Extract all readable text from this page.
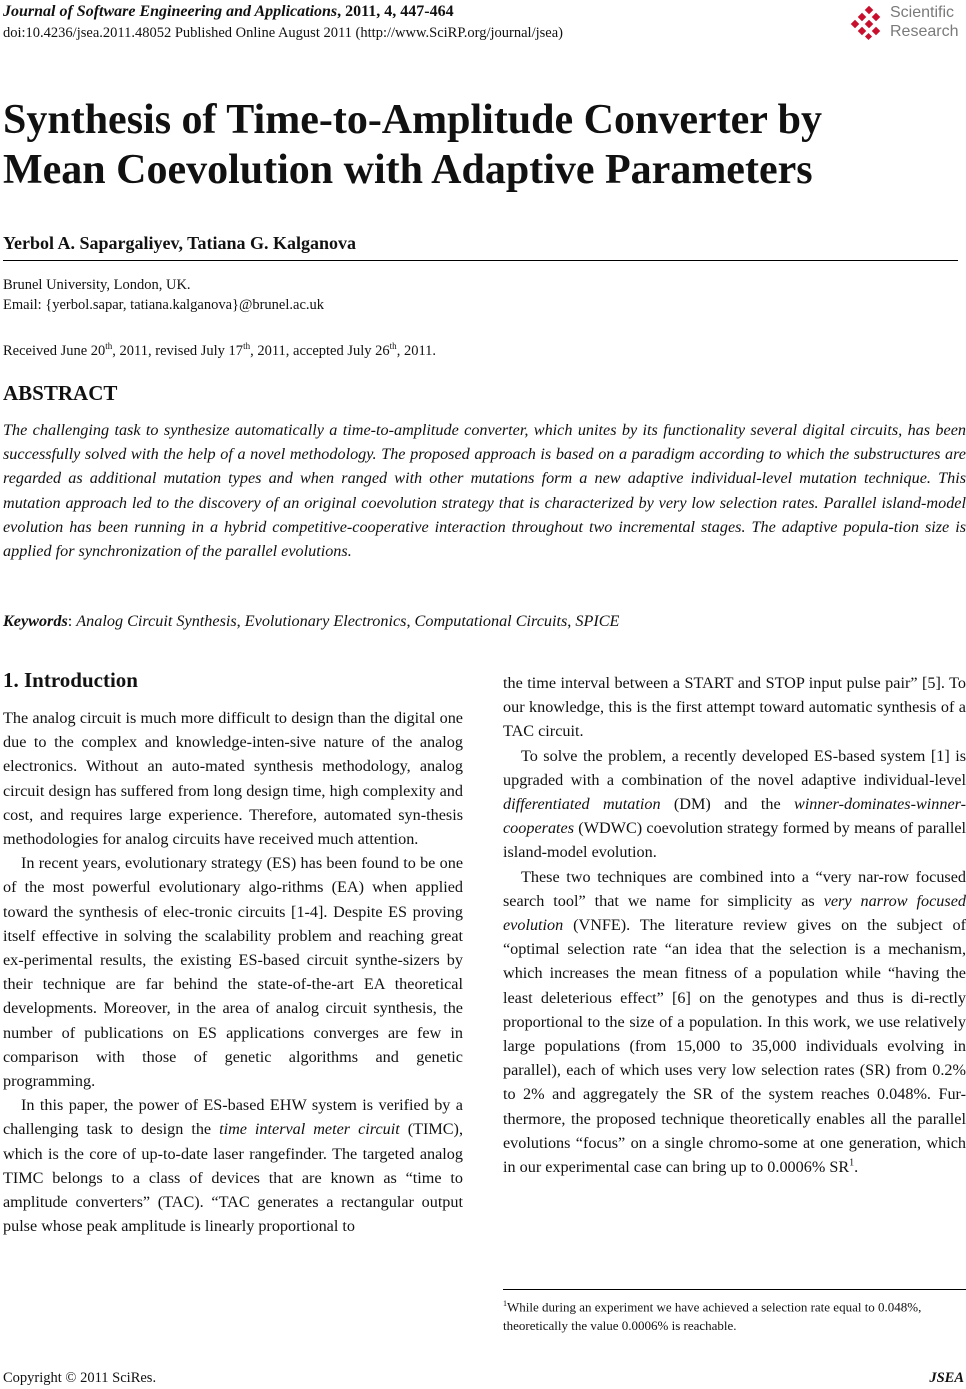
Journal of Software Engineering and Applications, 2011, 4, 447-464
doi:10.4236/jsea.2011.48052 Published Online August 2011 (http://www.SciRP.org/journal/jsea)
Scientific
Research
Synthesis of Time-to-Amplitude Converter by
Mean Coevolution with Adaptive Parameters
Yerbol A. Sapargaliyev, Tatiana G. Kalganova
Brunel University, London, UK.
Email: {yerbol.sapar, tatiana.kalganova}@brunel.ac.uk
Received June 20th, 2011, revised July 17th, 2011, accepted July 26th, 2011.
ABSTRACT

The challenging task to synthesize automatically a time-to-amplitude converter, which unites by its functionality several digital circuits, has been successfully solved with the help of a novel methodology. The proposed approach is based on a paradigm according to which the substructures are regarded as additional mutation types and when ranged with other mutations form a new adaptive individual-level mutation technique. This mutation approach led to the discovery of an original coevolution strategy that is characterized by very low selection rates. Parallel island-model evolution has been running in a hybrid competitive-cooperative interaction throughout two incremental stages. The adaptive popula-tion size is applied for synchronization of the parallel evolutions.

Keywords: Analog Circuit Synthesis, Evolutionary Electronics, Computational Circuits, SPICE

1. Introduction

The analog circuit is much more difficult to design than the digital one due to the complex and knowledge-inten-sive nature of the analog electronics. Without an auto-mated synthesis methodology, analog circuit design has suffered from long design time, high complexity and cost, and requires large experience. Therefore, automated syn-thesis methodologies for analog circuits have received much attention.

In recent years, evolutionary strategy (ES) has been found to be one of the most powerful evolutionary algo-rithms (EA) when applied toward the synthesis of elec-tronic circuits [1-4]. Despite ES proving itself effective in solving the scalability problem and reaching great ex-perimental results, the existing ES-based circuit synthe-sizers by their technique are far behind the state-of-the-art EA theoretical developments. Moreover, in the area of analog circuit synthesis, the number of publications on ES applications converges are few in comparison with those of genetic algorithms and genetic programming.

In this paper, the power of ES-based EHW system is verified by a challenging task to design the time interval meter circuit (TIMC), which is the core of up-to-date laser rangefinder. The targeted analog TIMC belongs to a class of devices that are known as “time to amplitude converters” (TAC). “TAC generates a rectangular output pulse whose peak amplitude is linearly proportional to

the time interval between a START and STOP input pulse pair” [5]. To our knowledge, this is the first attempt toward automatic synthesis of a TAC circuit.

To solve the problem, a recently developed ES-based system [1] is upgraded with a combination of the novel adaptive individual-level differentiated mutation (DM) and the winner-dominates-winner-cooperates (WDWC) coevolution strategy formed by means of parallel island-model evolution.

These two techniques are combined into a “very nar-row focused search tool” that we name for simplicity as very narrow focused evolution (VNFE). The literature review gives on the subject of “optimal selection rate “an idea that the selection is a mechanism, which increases the mean fitness of a population while “having the least deleterious effect” [6] on the genotypes and thus is di-rectly proportional to the size of a population. In this work, we use relatively large populations (from 15,000 to 35,000 individuals evolving in parallel), each of which uses very low selection rates (SR) from 0.2% to 2% and aggregately the SR of the system reaches 0.048%. Fur-thermore, the proposed technique theoretically enables all the parallel evolutions “focus” on a single chromo-some at one generation, which in our experimental case can bring up to 0.0006% $SR^1$.

$^1$While during an experiment we have achieved a selection rate equal to 0.048%, theoretically the value 0.0006% is reachable.

Copyright © 2011 SciRes.	JSEA
